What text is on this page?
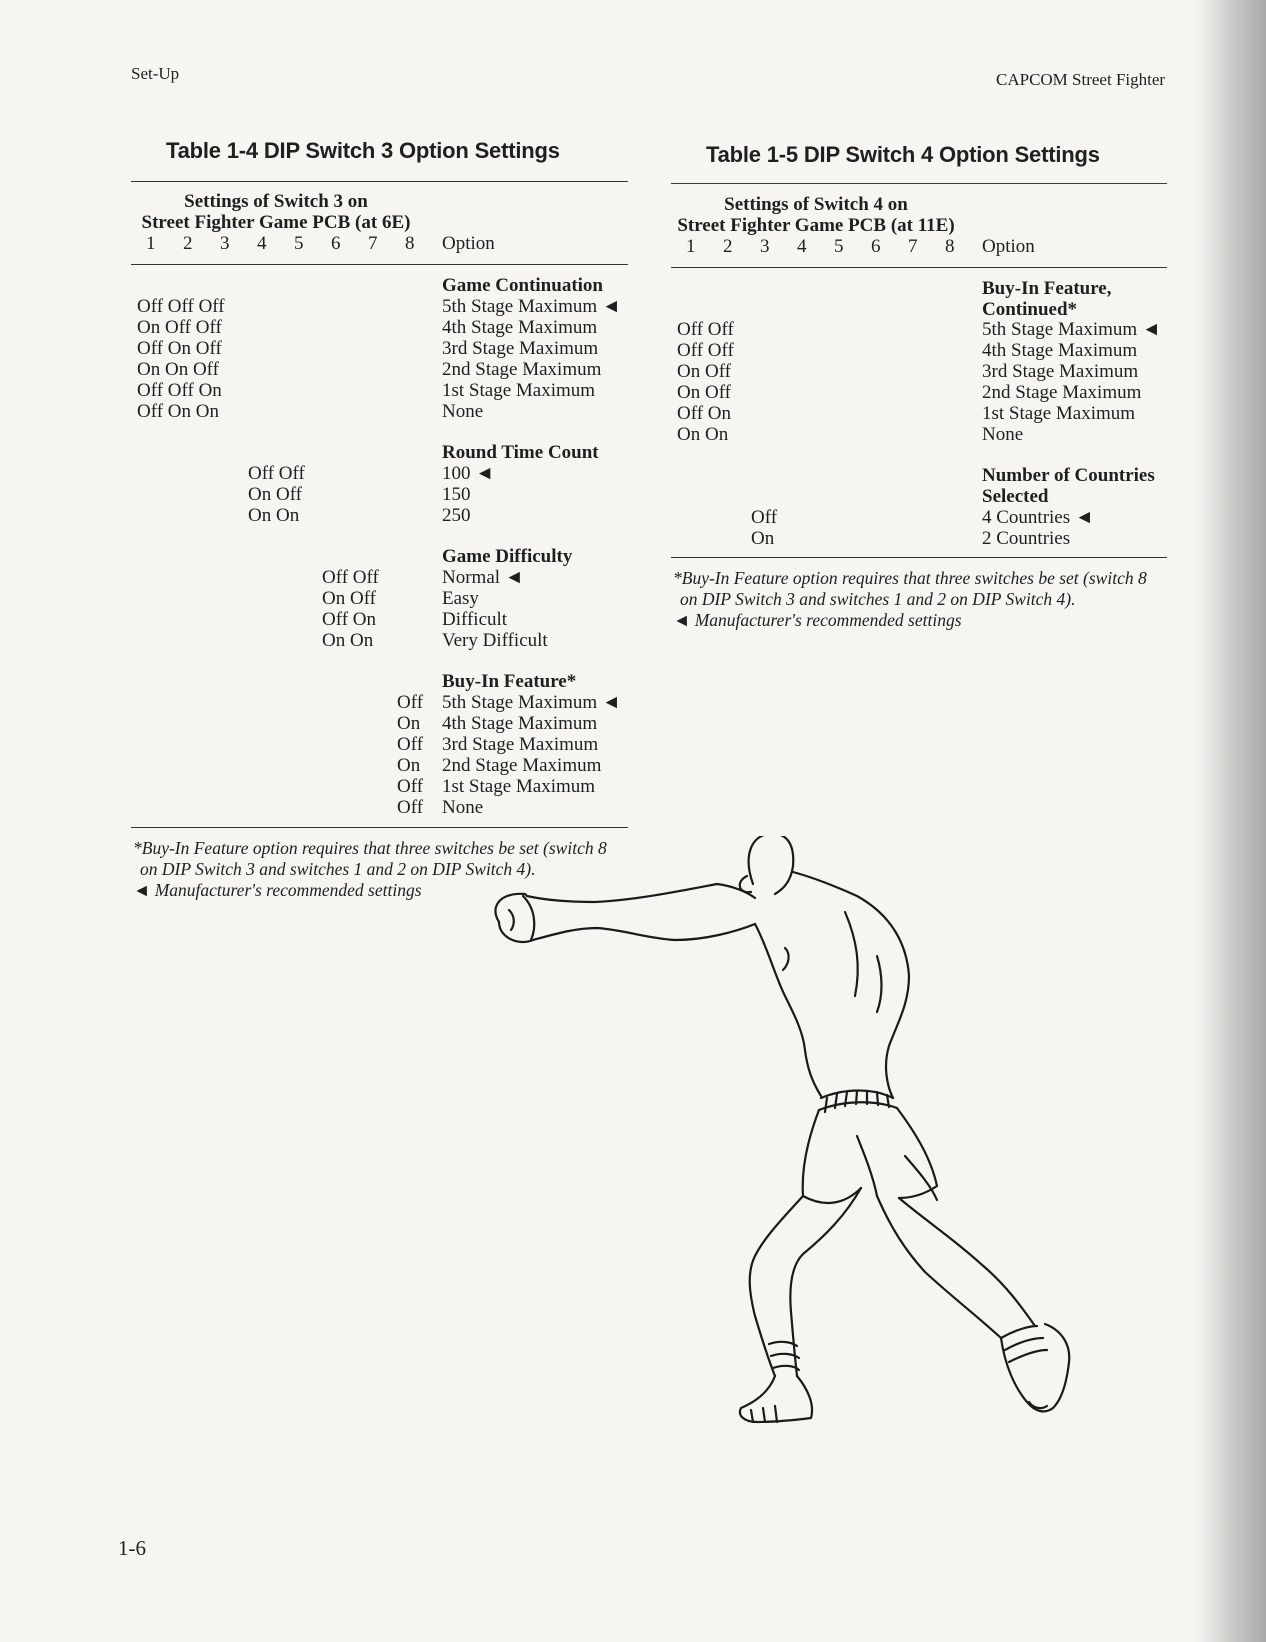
Set-Up	CAPCOM Street Fighter
Table 1-4 DIP Switch 3 Option Settings
Settings of Switch 3 on
Street Fighter Game PCB (at 6E)
1 2 3 4 5 6 7 8 Option
Game Continuation
Off Off Off	5th Stage Maximum ◄
On Off Off	4th Stage Maximum
Off On Off	3rd Stage Maximum
On On Off	2nd Stage Maximum
Off Off On	1st Stage Maximum
Off On On	None
Round Time Count
Off Off	100 ◄
On Off	150
On On	250
Game Difficulty
Off Off	Normal ◄
On Off	Easy
Off On	Difficult
On On	Very Difficult
Buy-In Feature*
Off 5th Stage Maximum ◄
On 4th Stage Maximum
Off 3rd Stage Maximum
On 2nd Stage Maximum
Off 1st Stage Maximum
Off None
*Buy-In Feature option requires that three switches be set (switch 8
on DIP Switch 3 and switches 1 and 2 on DIP Switch 4).
◄ Manufacturer's recommended settings
Table 1-5 DIP Switch 4 Option Settings
Settings of Switch 4 on
Street Fighter Game PCB (at 11E)
1 2 3 4 5 6 7 8 Option
Buy-In Feature,
Continued*
Off Off	5th Stage Maximum ◄
Off Off	4th Stage Maximum
On Off	3rd Stage Maximum
On Off	2nd Stage Maximum
Off On	1st Stage Maximum
On On	None
Number of Countries
Selected
Off	4 Countries ◄
On	2 Countries
*Buy-In Feature option requires that three switches be set (switch 8
on DIP Switch 3 and switches 1 and 2 on DIP Switch 4).
◄ Manufacturer's recommended settings
1-6
